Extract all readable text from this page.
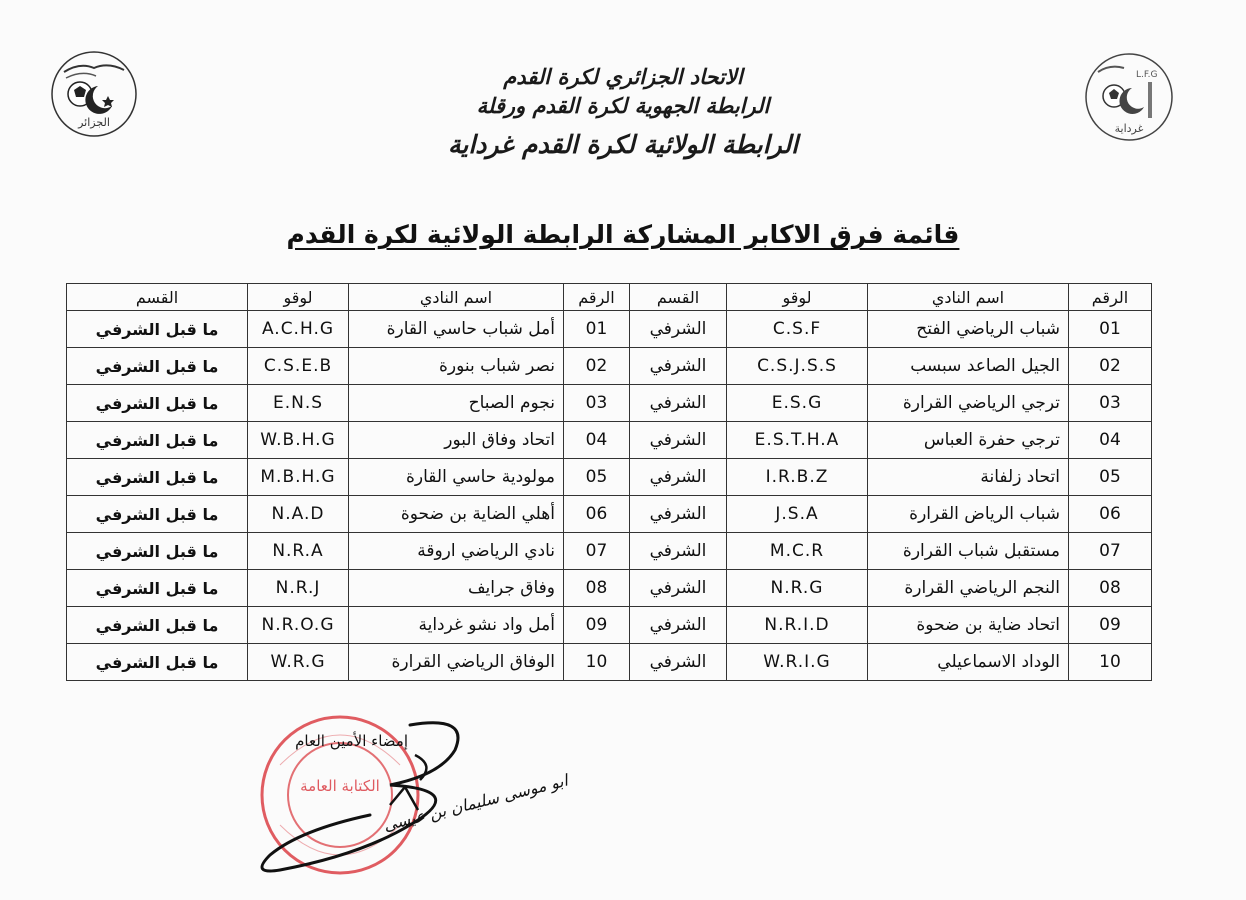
الجزائر
L.F.G
غرداية
الاتحاد الجزائري لكرة القدم
الرابطة الجهوية لكرة القدم ورقلة
الرابطة الولائية لكرة القدم غرداية
قائمة فرق الاكابر المشاركة الرابطة الولائية لكرة القدم
الرقم	اسم النادي	لوقو	القسم	الرقم	اسم النادي	لوقو	القسم
01	شباب الرياضي الفتح	C.S.F	الشرفي	01	أمل شباب حاسي القارة	A.C.H.G	ما قبل الشرفي
02	الجيل الصاعد سبسب	C.S.J.S.S	الشرفي	02	نصر شباب بنورة	C.S.E.B	ما قبل الشرفي
03	ترجي الرياضي القرارة	E.S.G	الشرفي	03	نجوم الصباح	E.N.S	ما قبل الشرفي
04	ترجي حفرة العباس	E.S.T.H.A	الشرفي	04	اتحاد وفاق البور	W.B.H.G	ما قبل الشرفي
05	اتحاد زلفانة	I.R.B.Z	الشرفي	05	مولودية حاسي القارة	M.B.H.G	ما قبل الشرفي
06	شباب الرياض القرارة	J.S.A	الشرفي	06	أهلي الضاية بن ضحوة	N.A.D	ما قبل الشرفي
07	مستقبل شباب القرارة	M.C.R	الشرفي	07	نادي الرياضي اروقة	N.R.A	ما قبل الشرفي
08	النجم الرياضي القرارة	N.R.G	الشرفي	08	وفاق جرايف	N.R.J	ما قبل الشرفي
09	اتحاد ضاية بن ضحوة	N.R.I.D	الشرفي	09	أمل واد نشو غرداية	N.R.O.G	ما قبل الشرفي
10	الوداد الاسماعيلي	W.R.I.G	الشرفي	10	الوفاق الرياضي القرارة	W.R.G	ما قبل الشرفي
الكتابة العامة
إمضاء الأمين العام
ابو موسى سليمان بن عيسى
